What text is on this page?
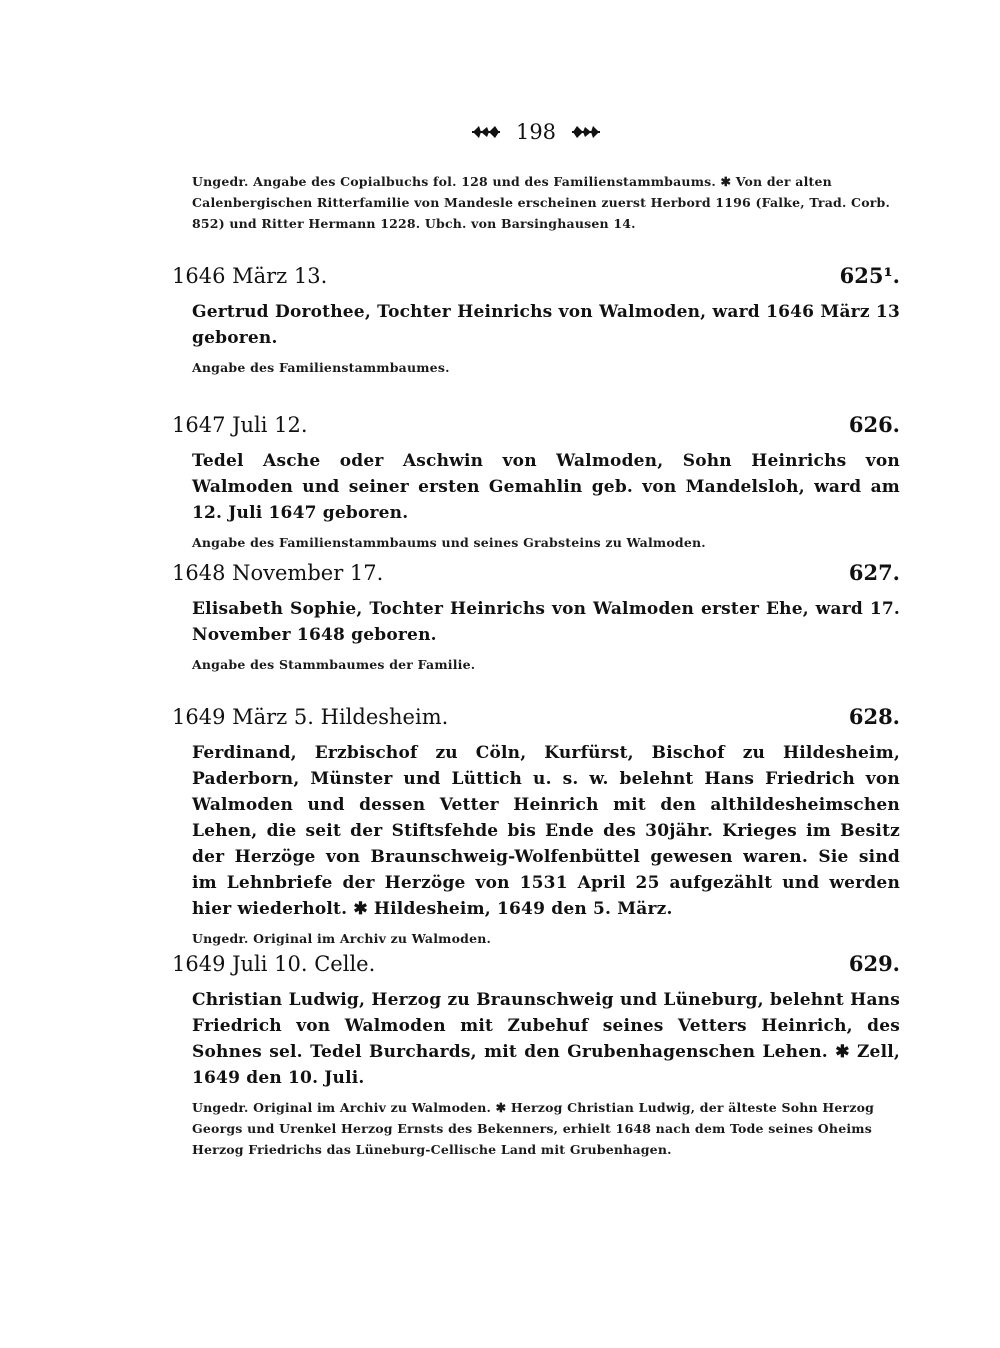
198
Ungedr. Angabe des Copialbuchs fol. 128 und des Familienstammbaums. ✱ Von der alten Calenbergischen Ritterfamilie von Mandesle erscheinen zuerst Herbord 1196 (Falke, Trad. Corb. 852) und Ritter Hermann 1228. Ubch. von Barsinghausen 14.
1646 März 13.	625¹.

Gertrud Dorothee, Tochter Heinrichs von Walmoden, ward 1646 März 13 geboren.

Angabe des Familienstammbaumes.
1647 Juli 12.	626.

Tedel Asche oder Aschwin von Walmoden, Sohn Heinrichs von Walmoden und seiner ersten Gemahlin geb. von Mandelsloh, ward am 12. Juli 1647 geboren.

Angabe des Familienstammbaums und seines Grabsteins zu Walmoden.
1648 November 17.	627.

Elisabeth Sophie, Tochter Heinrichs von Walmoden erster Ehe, ward 17. November 1648 geboren.

Angabe des Stammbaumes der Familie.
1649 März 5. Hildesheim.	628.

Ferdinand, Erzbischof zu Cöln, Kurfürst, Bischof zu Hildesheim, Paderborn, Münster und Lüttich u. s. w. belehnt Hans Friedrich von Walmoden und dessen Vetter Heinrich mit den althildesheimschen Lehen, die seit der Stiftsfehde bis Ende des 30jähr. Krieges im Besitz der Herzöge von Braunschweig-Wolfenbüttel gewesen waren. Sie sind im Lehnbriefe der Herzöge von 1531 April 25 aufgezählt und werden hier wiederholt. ✱ Hildesheim, 1649 den 5. März.

Ungedr. Original im Archiv zu Walmoden.
1649 Juli 10. Celle.	629.

Christian Ludwig, Herzog zu Braunschweig und Lüneburg, belehnt Hans Friedrich von Walmoden mit Zubehuf seines Vetters Heinrich, des Sohnes sel. Tedel Burchards, mit den Grubenhagenschen Lehen. ✱ Zell, 1649 den 10. Juli.

Ungedr. Original im Archiv zu Walmoden. ✱ Herzog Christian Ludwig, der älteste Sohn Herzog Georgs und Urenkel Herzog Ernsts des Bekenners, erhielt 1648 nach dem Tode seines Oheims Herzog Friedrichs das Lüneburg-Cellische Land mit Grubenhagen.
